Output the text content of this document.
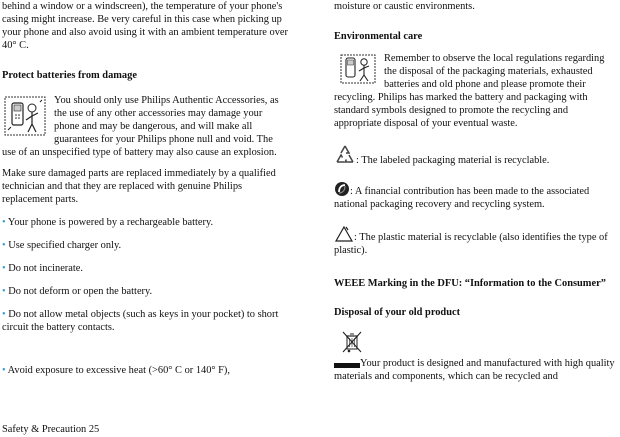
behind a window or a windscreen), the temperature of your phone's casing might increase. Be very careful in this case when picking up your phone and also avoid using it with an ambient temperature over 40° C.

Protect batteries from damage

You should only use Philips Authentic Accessories, as the use of any other accessories may damage your phone and may be dangerous, and will make all guarantees for your Philips phone null and void. The use of an unspecified type of battery may also cause an explosion.

Make sure damaged parts are replaced immediately by a qualified technician and that they are replaced with genuine Philips replacement parts.

• Your phone is powered by a rechargeable battery.

• Use specified charger only.

• Do not incinerate.

• Do not deform or open the battery.

• Do not allow metal objects (such as keys in your pocket) to short circuit the battery contacts.

• Avoid exposure to excessive heat (>60° C or 140° F),

Safety & Precaution 25

moisture or caustic environments.

Environmental care

Remember to observe the local regulations regarding the disposal of the packaging materials, exhausted batteries and old phone and please promote their recycling. Philips has marked the battery and packaging with standard symbols designed to promote the recycling and appropriate disposal of your eventual waste.

: The labeled packaging material is recyclable.

: A financial contribution has been made to the associated national packaging recovery and recycling system.

: The plastic material is recyclable (also identifies the type of plastic).

WEEE Marking in the DFU: “Information to the Consumer”

Disposal of your old product

Your product is designed and manufactured with high quality materials and components, which can be recycled and
